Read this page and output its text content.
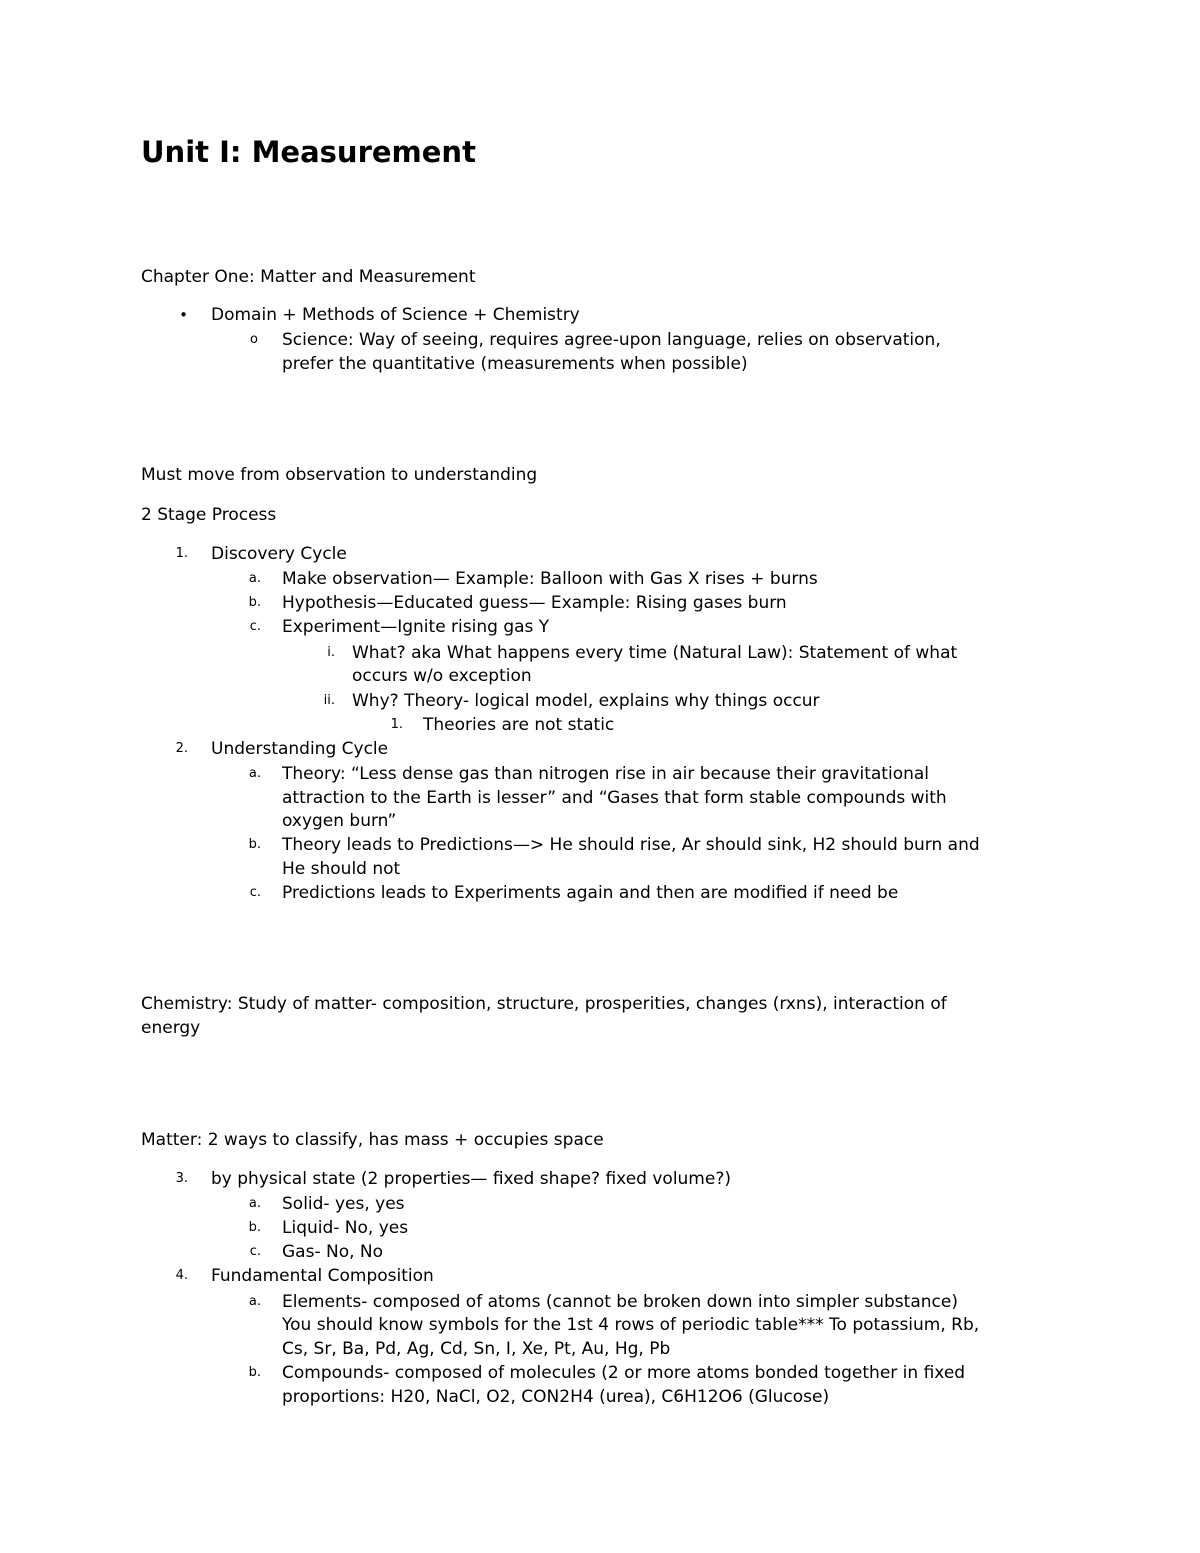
Unit I: Measurement
Chapter One: Matter and Measurement
• Domain + Methods of Science + Chemistry
o Science: Way of seeing, requires agree-upon language, relies on observation,
prefer the quantitative (measurements when possible)
Must move from observation to understanding
2 Stage Process
1. Discovery Cycle
a. Make observation— Example: Balloon with Gas X rises + burns
b. Hypothesis—Educated guess— Example: Rising gases burn
c. Experiment—Ignite rising gas Y
i. What? aka What happens every time (Natural Law): Statement of what
occurs w/o exception
ii. Why? Theory- logical model, explains why things occur
1. Theories are not static
2. Understanding Cycle
a. Theory: “Less dense gas than nitrogen rise in air because their gravitational
attraction to the Earth is lesser” and “Gases that form stable compounds with
oxygen burn”
b. Theory leads to Predictions—> He should rise, Ar should sink, H2 should burn and
He should not
c. Predictions leads to Experiments again and then are modified if need be
Chemistry: Study of matter- composition, structure, prosperities, changes (rxns), interaction of
energy
Matter: 2 ways to classify, has mass + occupies space
3. by physical state (2 properties— fixed shape? fixed volume?)
a. Solid- yes, yes
b. Liquid- No, yes
c. Gas- No, No
4. Fundamental Composition
a. Elements- composed of atoms (cannot be broken down into simpler substance)
You should know symbols for the 1st 4 rows of periodic table*** To potassium, Rb,
Cs, Sr, Ba, Pd, Ag, Cd, Sn, I, Xe, Pt, Au, Hg, Pb
b. Compounds- composed of molecules (2 or more atoms bonded together in fixed
proportions: H20, NaCl, O2, CON2H4 (urea), C6H12O6 (Glucose)
